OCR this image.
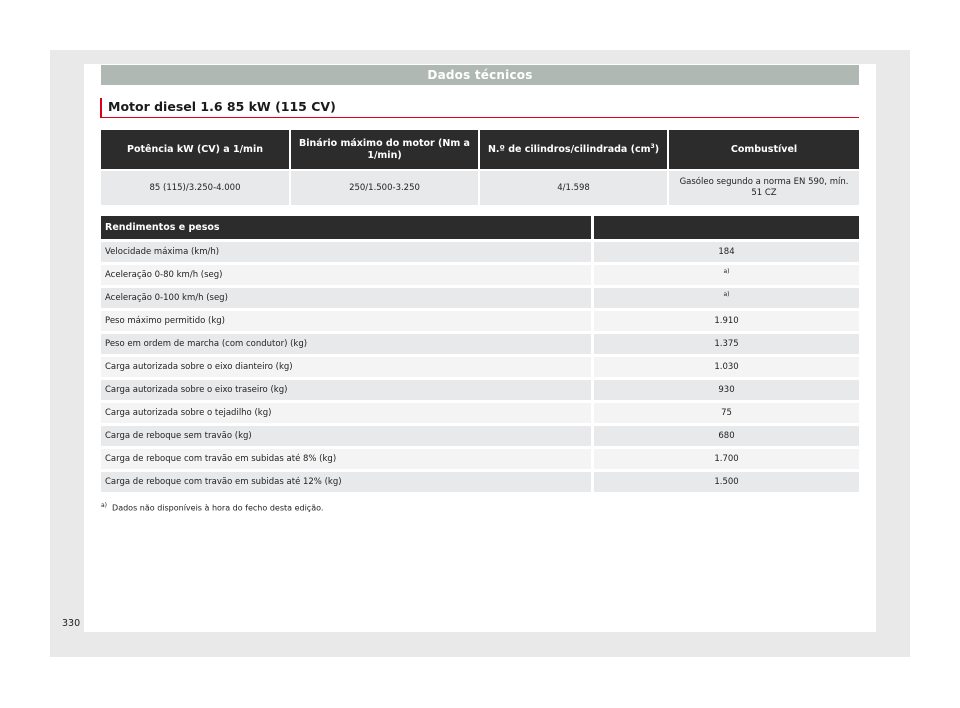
Dados técnicos
Motor diesel 1.6 85 kW (115 CV)
Potência kW (CV) a 1/min	Binário máximo do motor (Nm a 1/min)	N.º de cilindros/cilindrada $(cm^3)$	Combustível
85 (115)/3.250-4.000	250/1.500-3.250	4/1.598	Gasóleo segundo a norma EN 590, mín. 51 CZ
Rendimentos e pesos	
Velocidade máxima (km/h)	184
Aceleração 0-80 km/h (seg)	$^{a)}$
Aceleração 0-100 km/h (seg)	$^{a)}$
Peso máximo permitido (kg)	1.910
Peso em ordem de marcha (com condutor) (kg)	1.375
Carga autorizada sobre o eixo dianteiro (kg)	1.030
Carga autorizada sobre o eixo traseiro (kg)	930
Carga autorizada sobre o tejadilho (kg)	75
Carga de reboque sem travão (kg)	680
Carga de reboque com travão em subidas até 8% (kg)	1.700
Carga de reboque com travão em subidas até 12% (kg)	1.500
$^{a)}$ Dados não disponíveis à hora do fecho desta edição.
330
